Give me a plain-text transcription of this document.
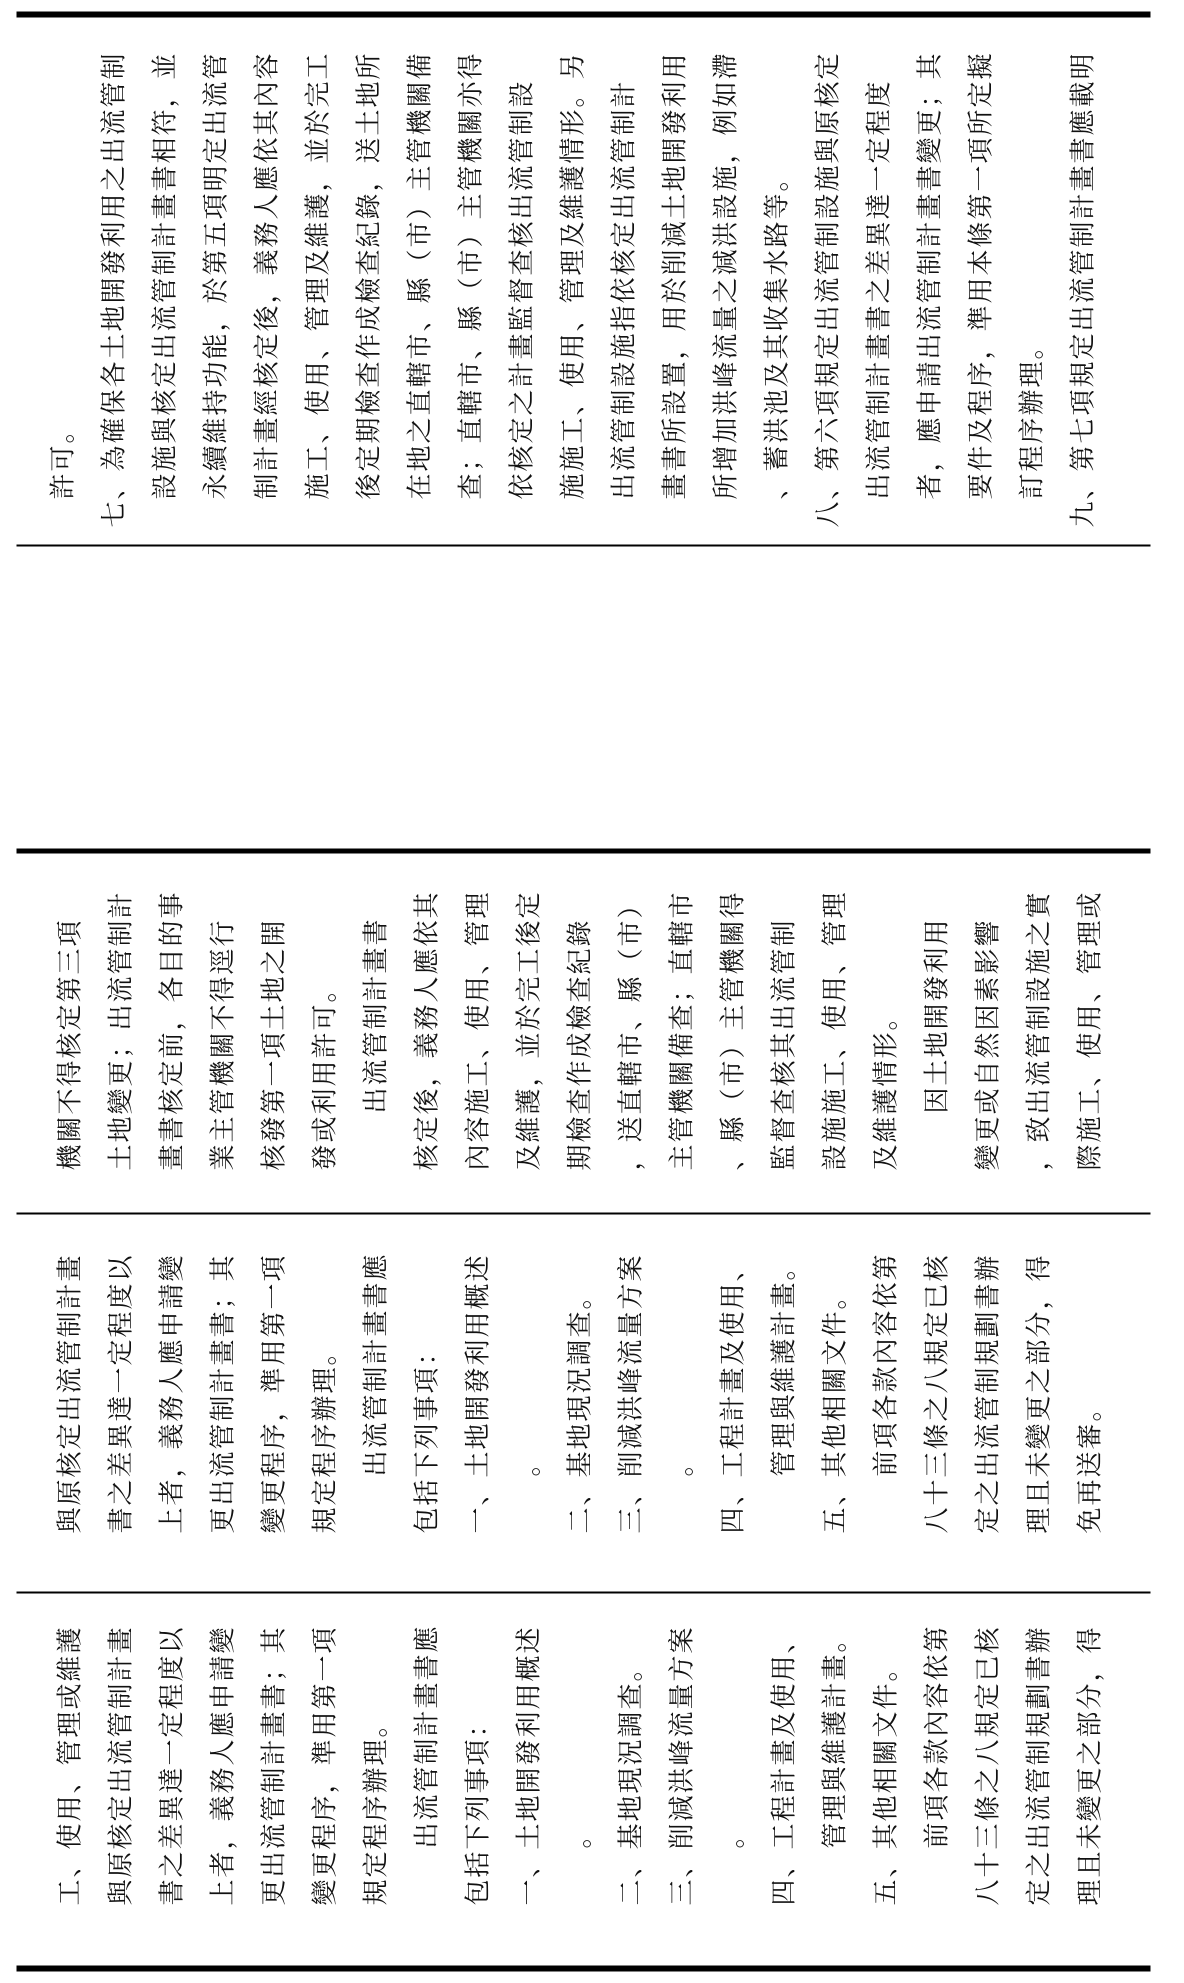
工、使用、管理或維護 與原核定出流管制計畫 書之差異達一定程度以 上者，義務人應申請變 更出流管制計畫書；其 變更程序，準用第一項 規定程序辦理。 出流管制計畫書應 包括下列事項： 一、土地開發利用概述 。 二、基地現況調查。 三、削減洪峰流量方案 。 四、工程計畫及使用、 管理與維護計畫。 五、其他相關文件。 前項各款內容依第 八十三條之八規定已核 定之出流管制規劃書辦 理且未變更之部分，得
與原核定出流管制計畫 書之差異達一定程度以 上者，義務人應申請變 更出流管制計畫書；其 變更程序，準用第一項 規定程序辦理。 出流管制計畫書應 包括下列事項： 一、土地開發利用概述 。 二、基地現況調查。 三、削減洪峰流量方案 。 四、工程計畫及使用、 管理與維護計畫。 五、其他相關文件。 前項各款內容依第 八十三條之八規定已核 定之出流管制規劃書辦 理且未變更之部分，得 免再送審。
機關不得核定第三項 土地變更；出流管制計 畫書核定前，各目的事 業主管機關不得逕行 核發第一項土地之開 發或利用許可。 出流管制計畫書 核定後，義務人應依其 內容施工、使用、管理 及維護，並於完工後定 期檢查作成檢查紀錄 ，送直轄市、縣（市） 主管機關備查；直轄市 、縣（市）主管機關得 監督查核其出流管制 設施施工、使用、管理 及維護情形。 因土地開發利用 變更或自然因素影響 ，致出流管制設施之實 際施工、使用、管理或
許可。 七、為確保各土地開發利用之出流管制 設施與核定出流管制計畫書相符，並 永續維持功能，於第五項明定出流管 制計畫經核定後，義務人應依其內容 施工、使用、管理及維護，並於完工 後定期檢查作成檢查紀錄，送土地所 在地之直轄市、縣（市）主管機關備 查；直轄市、縣（市）主管機關亦得 依核定之計畫監督查核出流管制設 施施工、使用、管理及維護情形。另 出流管制設施指依核定出流管制計 畫書所設置，用於削減土地開發利用 所增加洪峰流量之減洪設施，例如滯 、蓄洪池及其收集水路等。 八、第六項規定出流管制設施與原核定 出流管制計畫書之差異達一定程度 者，應申請出流管制計畫書變更；其 要件及程序，準用本條第一項所定擬 訂程序辦理。 九、第七項規定出流管制計畫書應載明
